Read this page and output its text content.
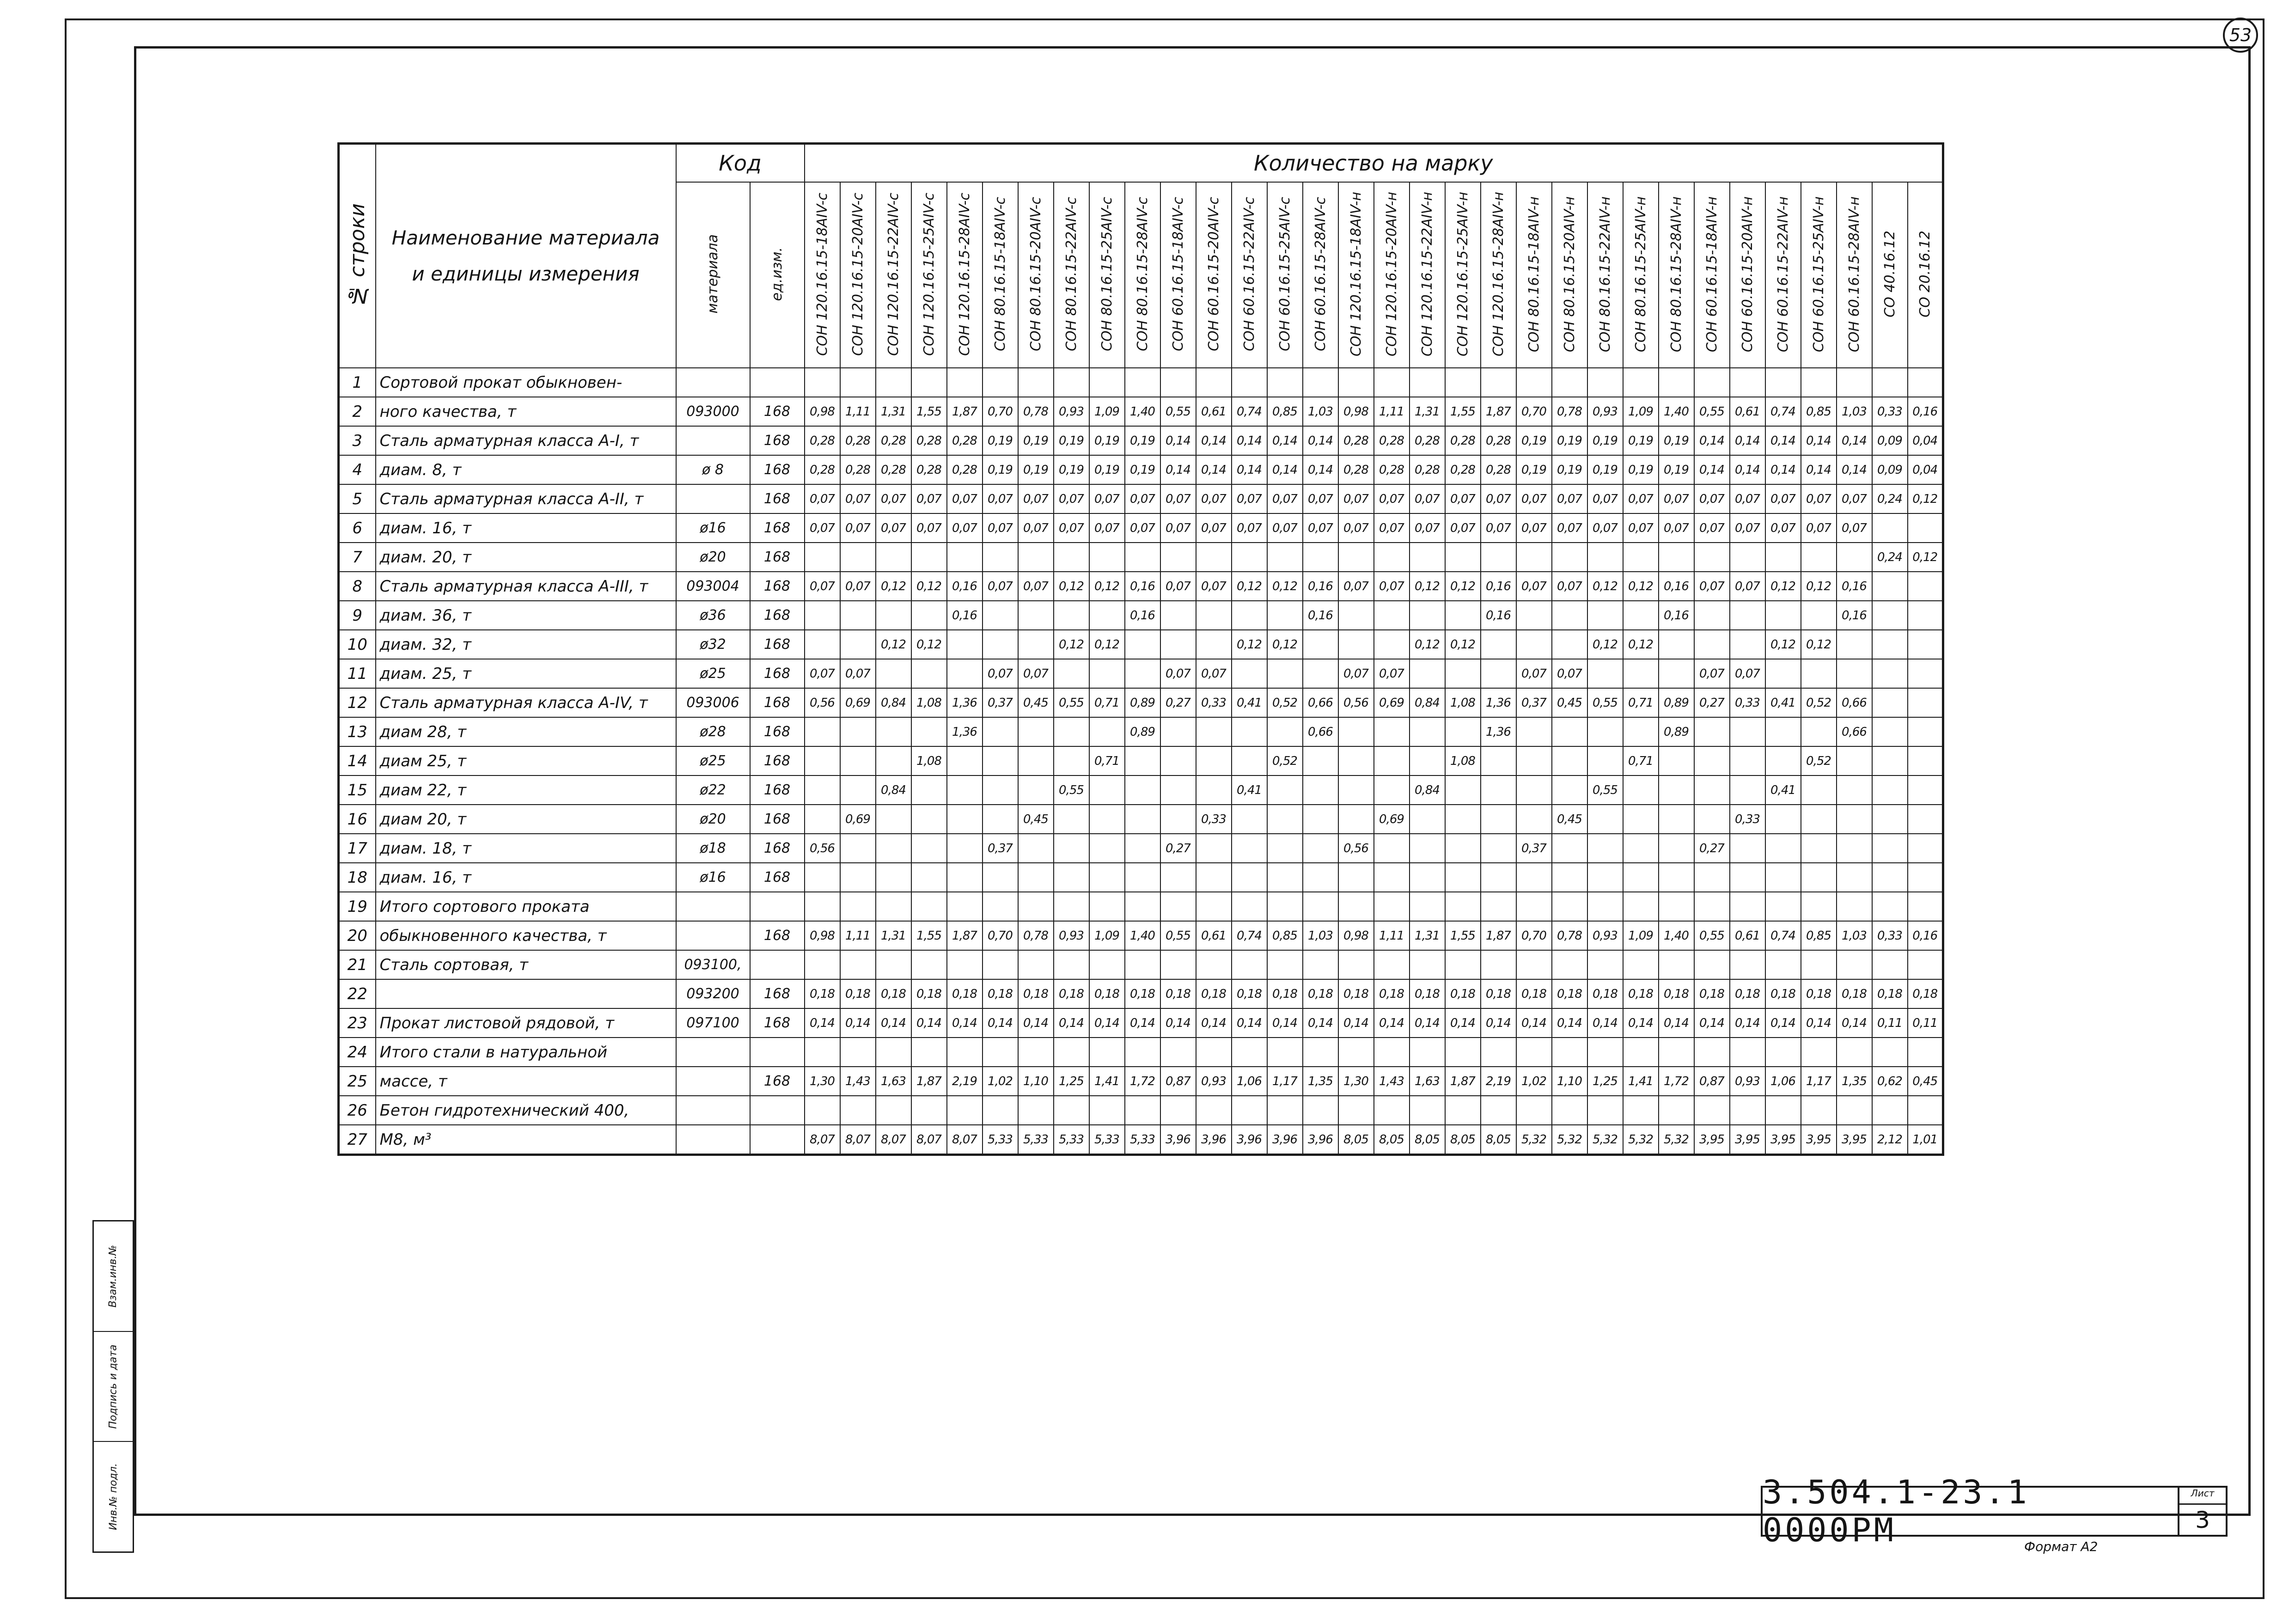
53
Взам.инв.№
Подпись и дата
Инв.№ подл.
№ строки	Наименование материала и единицы измерения	Код		Количество на марку																															
		материала	ед.изм.	СОН 120.16.15-18АIV-с	СОН 120.16.15-20АIV-с	СОН 120.16.15-22АIV-с	СОН 120.16.15-25АIV-с	СОН 120.16.15-28АIV-с	СОН 80.16.15-18АIV-с	СОН 80.16.15-20АIV-с	СОН 80.16.15-22АIV-с	СОН 80.16.15-25АIV-с	СОН 80.16.15-28АIV-с	СОН 60.16.15-18АIV-с	СОН 60.16.15-20АIV-с	СОН 60.16.15-22АIV-с	СОН 60.16.15-25АIV-с	СОН 60.16.15-28АIV-с	СОН 120.16.15-18АIV-н	СОН 120.16.15-20АIV-н	СОН 120.16.15-22АIV-н	СОН 120.16.15-25АIV-н	СОН 120.16.15-28АIV-н	СОН 80.16.15-18АIV-н	СОН 80.16.15-20АIV-н	СОН 80.16.15-22АIV-н	СОН 80.16.15-25АIV-н	СОН 80.16.15-28АIV-н	СОН 60.16.15-18АIV-н	СОН 60.16.15-20АIV-н	СОН 60.16.15-22АIV-н	СОН 60.16.15-25АIV-н	СОН 60.16.15-28АIV-н	СО 40.16.12	СО 20.16.12
1	Сортовой прокат обыкновен-																																		
2	ного качества, т	093000	168	0,98	1,11	1,31	1,55	1,87	0,70	0,78	0,93	1,09	1,40	0,55	0,61	0,74	0,85	1,03	0,98	1,11	1,31	1,55	1,87	0,70	0,78	0,93	1,09	1,40	0,55	0,61	0,74	0,85	1,03	0,33	0,16
3	Сталь арматурная класса А-I, т		168	0,28	0,28	0,28	0,28	0,28	0,19	0,19	0,19	0,19	0,19	0,14	0,14	0,14	0,14	0,14	0,28	0,28	0,28	0,28	0,28	0,19	0,19	0,19	0,19	0,19	0,14	0,14	0,14	0,14	0,14	0,09	0,04
4	диам. 8, т	ø 8	168	0,28	0,28	0,28	0,28	0,28	0,19	0,19	0,19	0,19	0,19	0,14	0,14	0,14	0,14	0,14	0,28	0,28	0,28	0,28	0,28	0,19	0,19	0,19	0,19	0,19	0,14	0,14	0,14	0,14	0,14	0,09	0,04
5	Сталь арматурная класса А-II, т		168	0,07	0,07	0,07	0,07	0,07	0,07	0,07	0,07	0,07	0,07	0,07	0,07	0,07	0,07	0,07	0,07	0,07	0,07	0,07	0,07	0,07	0,07	0,07	0,07	0,07	0,07	0,07	0,07	0,07	0,07	0,24	0,12
6	диам. 16, т	ø16	168	0,07	0,07	0,07	0,07	0,07	0,07	0,07	0,07	0,07	0,07	0,07	0,07	0,07	0,07	0,07	0,07	0,07	0,07	0,07	0,07	0,07	0,07	0,07	0,07	0,07	0,07	0,07	0,07	0,07	0,07		
7	диам. 20, т	ø20	168																															0,24	0,12
8	Сталь арматурная класса А-III, т	093004	168	0,07	0,07	0,12	0,12	0,16	0,07	0,07	0,12	0,12	0,16	0,07	0,07	0,12	0,12	0,16	0,07	0,07	0,12	0,12	0,16	0,07	0,07	0,12	0,12	0,16	0,07	0,07	0,12	0,12	0,16		
9	диам. 36, т	ø36	168					0,16					0,16					0,16					0,16					0,16					0,16		
10	диам. 32, т	ø32	168			0,12	0,12				0,12	0,12				0,12	0,12				0,12	0,12				0,12	0,12				0,12	0,12			
11	диам. 25, т	ø25	168	0,07	0,07				0,07	0,07				0,07	0,07				0,07	0,07				0,07	0,07				0,07	0,07					
12	Сталь арматурная класса А-IV, т	093006	168	0,56	0,69	0,84	1,08	1,36	0,37	0,45	0,55	0,71	0,89	0,27	0,33	0,41	0,52	0,66	0,56	0,69	0,84	1,08	1,36	0,37	0,45	0,55	0,71	0,89	0,27	0,33	0,41	0,52	0,66		
13	диам 28, т	ø28	168					1,36					0,89					0,66					1,36					0,89					0,66		
14	диам 25, т	ø25	168				1,08					0,71					0,52					1,08					0,71					0,52			
15	диам 22, т	ø22	168			0,84					0,55					0,41					0,84					0,55					0,41				
16	диам 20, т	ø20	168		0,69					0,45					0,33					0,69					0,45					0,33					
17	диам. 18, т	ø18	168	0,56					0,37					0,27					0,56					0,37					0,27						
18	диам. 16, т	ø16	168																																
19	Итого сортового проката																																		
20	обыкновенного качества, т		168	0,98	1,11	1,31	1,55	1,87	0,70	0,78	0,93	1,09	1,40	0,55	0,61	0,74	0,85	1,03	0,98	1,11	1,31	1,55	1,87	0,70	0,78	0,93	1,09	1,40	0,55	0,61	0,74	0,85	1,03	0,33	0,16
21	Сталь сортовая, т	093100,																																	
22		093200	168	0,18	0,18	0,18	0,18	0,18	0,18	0,18	0,18	0,18	0,18	0,18	0,18	0,18	0,18	0,18	0,18	0,18	0,18	0,18	0,18	0,18	0,18	0,18	0,18	0,18	0,18	0,18	0,18	0,18	0,18	0,18	0,18
23	Прокат листовой рядовой, т	097100	168	0,14	0,14	0,14	0,14	0,14	0,14	0,14	0,14	0,14	0,14	0,14	0,14	0,14	0,14	0,14	0,14	0,14	0,14	0,14	0,14	0,14	0,14	0,14	0,14	0,14	0,14	0,14	0,14	0,14	0,14	0,11	0,11
24	Итого стали в натуральной																																		
25	массе, т		168	1,30	1,43	1,63	1,87	2,19	1,02	1,10	1,25	1,41	1,72	0,87	0,93	1,06	1,17	1,35	1,30	1,43	1,63	1,87	2,19	1,02	1,10	1,25	1,41	1,72	0,87	0,93	1,06	1,17	1,35	0,62	0,45
26	Бетон гидротехнический 400,																																		
27	М8, м³			8,07	8,07	8,07	8,07	8,07	5,33	5,33	5,33	5,33	5,33	3,96	3,96	3,96	3,96	3,96	8,05	8,05	8,05	8,05	8,05	5,32	5,32	5,32	5,32	5,32	3,95	3,95	3,95	3,95	3,95	2,12	1,01
3.504.1-23.1 0000PM
Лист
3
Формат А2
